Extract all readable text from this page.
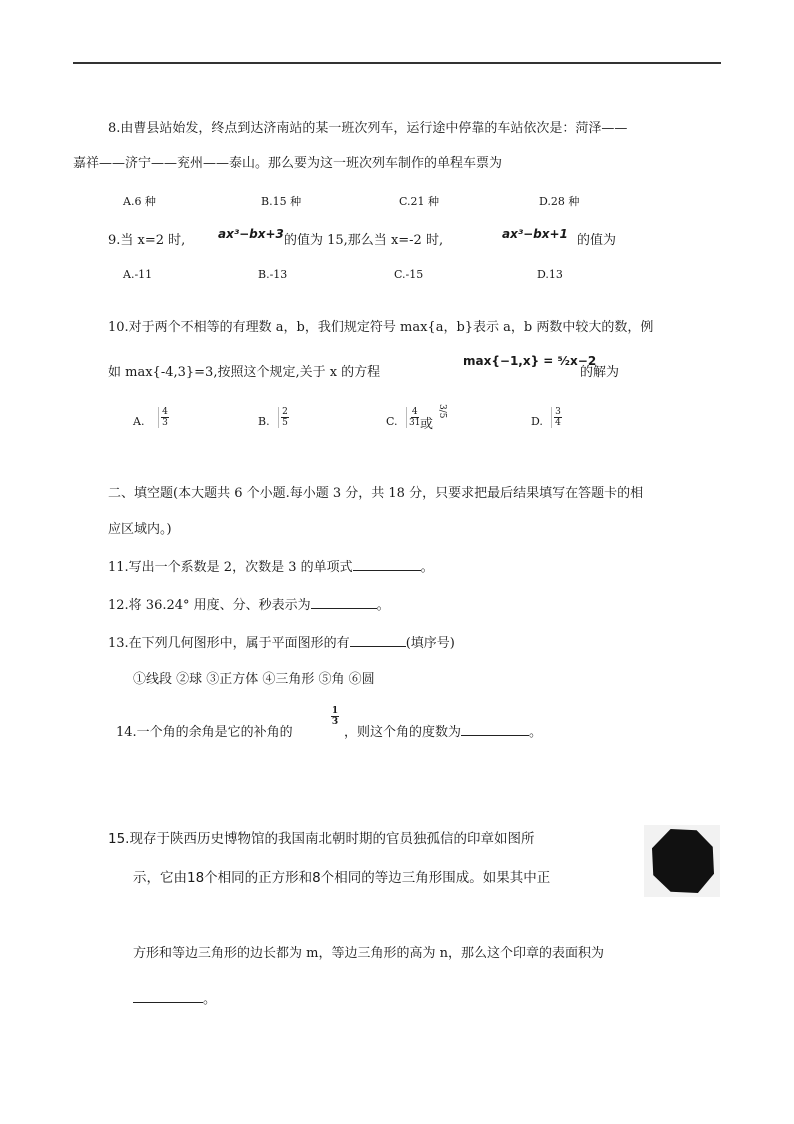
8.由曹县站始发，终点到达济南站的某一班次列车，运行途中停靠的车站依次是：菏泽——
嘉祥——济宁——兖州——泰山。那么要为这一班次列车制作的单程车票为
A.6 种	B.15 种	C.21 种	D.28 种
9.当 x=2 时,	ax³−bx+3 的值为 15,那么当 x=-2 时,	ax³−bx+1 的值为
A.-11	B.-13	C.-15	D.13
10.对于两个不相等的有理数 a，b，我们规定符号 max{a，b}表示 a，b 两数中较大的数，例
如 max{-4,3}=3,按照这个规定,关于 x 的方程
max{−1,x} = ⁵⁄₂x−2
的解为
A.
4
3	B.
2
5	C.
4
31 或
3/5
D.
3
4
二、填空题(本大题共 6 个小题.每小题 3 分，共 18 分，只要求把最后结果填写在答题卡的相
应区域内。)
11.写出一个系数是 2，次数是 3 的单项式	。
12.将 36.24° 用度、分、秒表示为	。
13.在下列几何图形中，属于平面图形的有	(填序号)
①线段 ②球 ③正方体 ④三角形 ⑤角 ⑥圆
14.一个角的余角是它的补角的
1
3
，则这个角的度数为	。
15.现存于陕西历史博物馆的我国南北朝时期的官员独孤信的印章如图所
示，它由18个相同的正方形和8个相同的等边三角形围成。如果其中正
方形和等边三角形的边长都为 m，等边三角形的高为 n，那么这个印章的表面积为
。
